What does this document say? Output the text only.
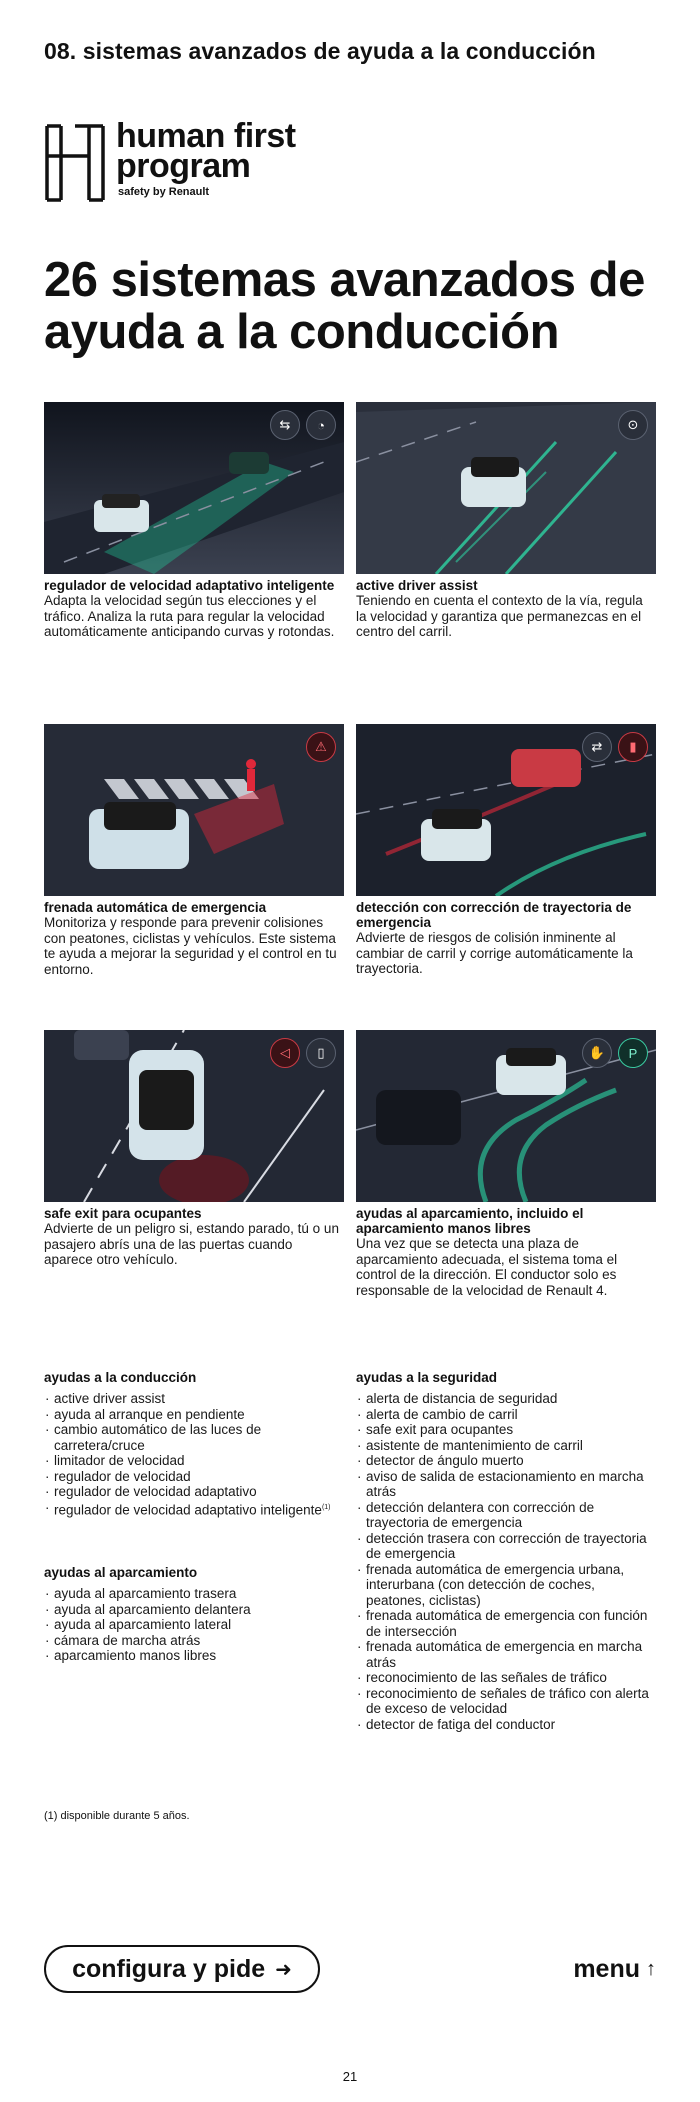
08. sistemas avanzados de ayuda a la conducción
human first
program
safety by Renault
26 sistemas avanzados de ayuda a la conducción
⇆	◔
regulador de velocidad adaptativo inteligente
Adapta la velocidad según tus elecciones y el tráfico. Analiza la ruta para regular la velocidad automáticamente anticipando curvas y rotondas.
⊙
active driver assist
Teniendo en cuenta el contexto de la vía, regula la velocidad y garantiza que permanezcas en el centro del carril.
⚠
frenada automática de emergencia
Monitoriza y responde para prevenir colisiones con peatones, ciclistas y vehículos. Este sistema te ayuda a mejorar la seguridad y el control en tu entorno.
⇄	▮
detección con corrección de trayectoria de emergencia
Advierte de riesgos de colisión inminente al cambiar de carril y corrige automáticamente la trayectoria.
◁	▯
safe exit para ocupantes
Advierte de un peligro si, estando parado, tú o un pasajero abrís una de las puertas cuando aparece otro vehículo.
✋	P
ayudas al aparcamiento, incluido el aparcamiento manos libres
Una vez que se detecta una plaza de aparcamiento adecuada, el sistema toma el control de la dirección. El conductor solo es responsable de la velocidad de Renault 4.
ayudas a la conducción
· active driver assist
· ayuda al arranque en pendiente
· cambio automático de las luces de carretera/cruce
· limitador de velocidad
· regulador de velocidad
· regulador de velocidad adaptativo
· regulador de velocidad adaptativo inteligente$^{(1)}$
ayudas al aparcamiento
· ayuda al aparcamiento trasera
· ayuda al aparcamiento delantera
· ayuda al aparcamiento lateral
· cámara de marcha atrás
· aparcamiento manos libres
ayudas a la seguridad
· alerta de distancia de seguridad
· alerta de cambio de carril
· safe exit para ocupantes
· asistente de mantenimiento de carril
· detector de ángulo muerto
· aviso de salida de estacionamiento en marcha atrás
· detección delantera con corrección de trayectoria de emergencia
· detección trasera con corrección de trayectoria de emergencia
· frenada automática de emergencia urbana, interurbana (con detección de coches, peatones, ciclistas)
· frenada automática de emergencia con función de intersección
· frenada automática de emergencia en marcha atrás
· reconocimiento de las señales de tráfico
· reconocimiento de señales de tráfico con alerta de exceso de velocidad
· detector de fatiga del conductor
(1) disponible durante 5 años.
configura y pide ➜	menu ↑
21
